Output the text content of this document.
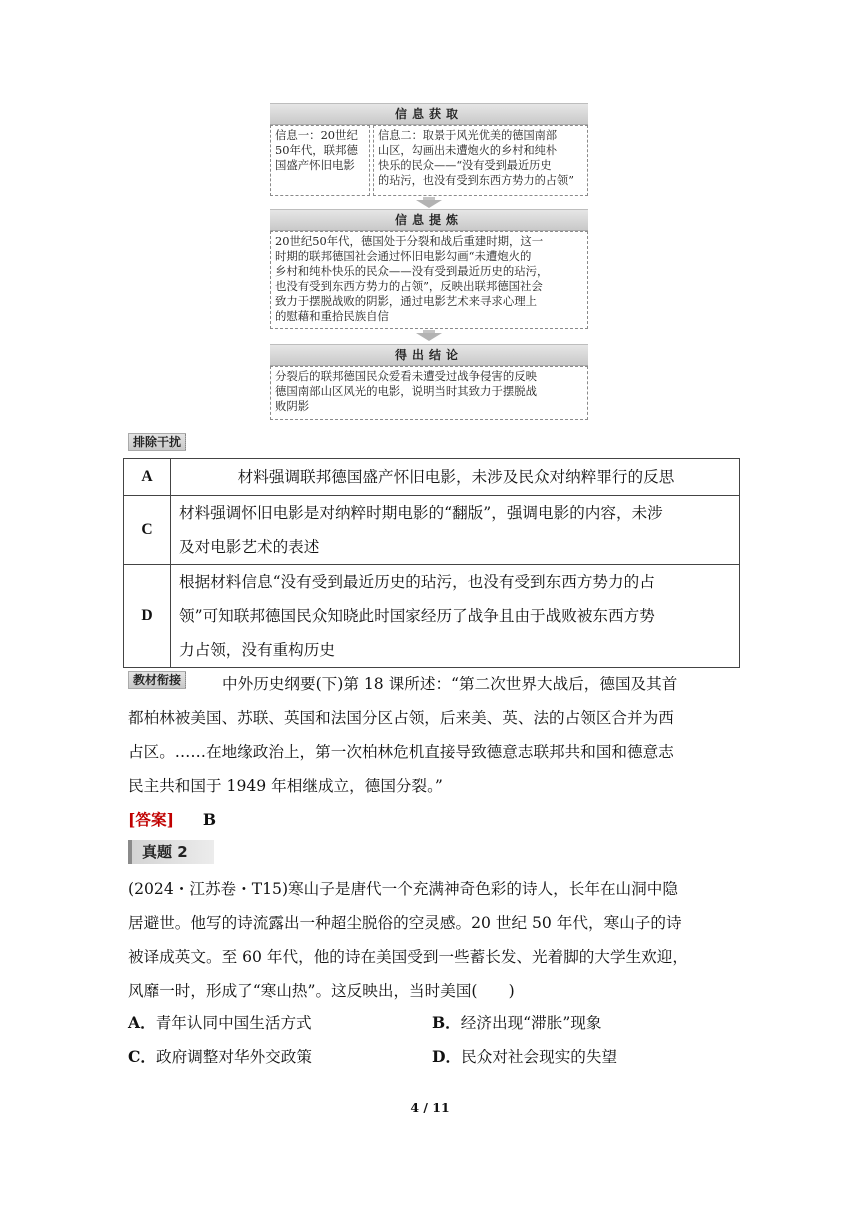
信息获取
信息一：20世纪
50年代，联邦德
国盛产怀旧电影
信息二：取景于风光优美的德国南部
山区，勾画出未遭炮火的乡村和纯朴
快乐的民众——“没有受到最近历史
的玷污，也没有受到东西方势力的占领”
信息提炼
20世纪50年代，德国处于分裂和战后重建时期，这一
时期的联邦德国社会通过怀旧电影勾画“未遭炮火的
乡村和纯朴快乐的民众——没有受到最近历史的玷污，
也没有受到东西方势力的占领”，反映出联邦德国社会
致力于摆脱战败的阴影，通过电影艺术来寻求心理上
的慰藉和重拾民族自信
得出结论
分裂后的联邦德国民众爱看未遭受过战争侵害的反映
德国南部山区风光的电影，说明当时其致力于摆脱战
败阴影
排除干扰
A	材料强调联邦德国盛产怀旧电影，未涉及民众对纳粹罪行的反思
C	材料强调怀旧电影是对纳粹时期电影的“翻版”，强调电影的内容，未涉
及对电影艺术的表述

D	根据材料信息“没有受到最近历史的玷污，也没有受到东西方势力的占
领”可知联邦德国民众知晓此时国家经历了战争且由于战败被东西方势
力占领，没有重构历史
教材衔接	中外历史纲要(下)第 18 课所述：“第二次世界大战后，德国及其首
都柏林被美国、苏联、英国和法国分区占领，后来美、英、法的占领区合并为西
占区。……在地缘政治上，第一次柏林危机直接导致德意志联邦共和国和德意志
民主共和国于 1949 年相继成立，德国分裂。”
[答案] B
真题 2
(2024・江苏卷・T15)寒山子是唐代一个充满神奇色彩的诗人，长年在山洞中隐
居避世。他写的诗流露出一种超尘脱俗的空灵感。20 世纪 50 年代，寒山子的诗
被译成英文。至 60 年代，他的诗在美国受到一些蓄长发、光着脚的大学生欢迎，
风靡一时，形成了“寒山热”。这反映出，当时美国(　　)
A．青年认同中国生活方式	B．经济出现“滞胀”现象
C．政府调整对华外交政策	D．民众对社会现实的失望
4 / 11
